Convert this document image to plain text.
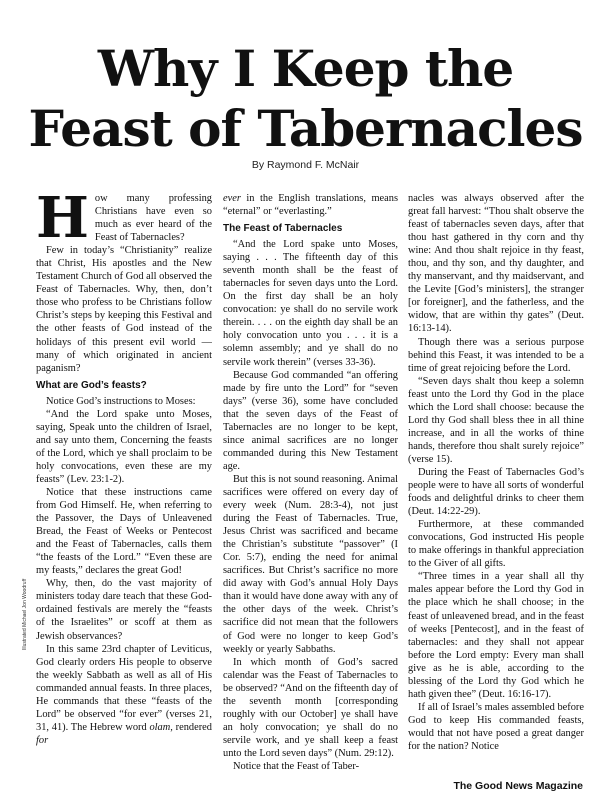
Why I Keep the
Feast of Tabernacles
By Raymond F. McNair

How many professing Christians have even so much as ever heard of the Feast of Tabernacles?

Few in today’s “Christianity” realize that Christ, His apostles and the New Testament Church of God all observed the Feast of Tabernacles. Why, then, don’t those who profess to be Christians follow Christ’s steps by keeping this Festival and the other feasts of God instead of the holidays of this present evil world — many of which originated in ancient paganism?

What are God’s feasts?

Notice God’s instructions to Moses:

“And the Lord spake unto Moses, saying, Speak unto the children of Israel, and say unto them, Concerning the feasts of the Lord, which ye shall proclaim to be holy convocations, even these are my feasts” (Lev. 23:1-2).

Notice that these instructions came from God Himself. He, when referring to the Passover, the Days of Unleavened Bread, the Feast of Weeks or Pentecost and the Feast of Tabernacles, calls them “the feasts of the Lord.” “Even these are my feasts,” declares the great God!

Why, then, do the vast majority of ministers today dare teach that these God-ordained festivals are merely the “feasts of the Israelites” or scoff at them as Jewish observances?

In this same 23rd chapter of Leviticus, God clearly orders His people to observe the weekly Sabbath as well as all of His commanded annual feasts. In three places, He commands that these “feasts of the Lord” be observed “for ever” (verses 21, 31, 41). The Hebrew word olam, rendered for

ever in the English translations, means “eternal” or “everlasting.”

The Feast of Tabernacles

“And the Lord spake unto Moses, saying . . . The fifteenth day of this seventh month shall be the feast of tabernacles for seven days unto the Lord. On the first day shall be an holy convocation: ye shall do no servile work therein. . . . on the eighth day shall be an holy convocation unto you . . . it is a solemn assembly; and ye shall do no servile work therein” (verses 33-36).

Because God commanded “an offering made by fire unto the Lord” for “seven days” (verse 36), some have concluded that the seven days of the Feast of Tabernacles are no longer to be kept, since animal sacrifices are no longer commanded during this New Testament age.

But this is not sound reasoning. Animal sacrifices were offered on every day of every week (Num. 28:3-4), not just during the Feast of Tabernacles. True, Jesus Christ was sacrificed and became the Christian’s substitute “passover” (I Cor. 5:7), ending the need for animal sacrifices. But Christ’s sacrifice no more did away with God’s annual Holy Days than it would have done away with any of the other days of the week. Christ’s sacrifice did not mean that the followers of God were no longer to keep God’s weekly or yearly Sabbaths.

In which month of God’s sacred calendar was the Feast of Tabernacles to be observed? “And on the fifteenth day of the seventh month [corresponding roughly with our October] ye shall have an holy convocation; ye shall do no servile work, and ye shall keep a feast unto the Lord seven days” (Num. 29:12).

Notice that the Feast of Taber-

nacles was always observed after the great fall harvest: “Thou shalt observe the feast of tabernacles seven days, after that thou hast gathered in thy corn and thy wine: And thou shalt rejoice in thy feast, thou, and thy son, and thy daughter, and thy manservant, and thy maidservant, and the Levite [God’s ministers], the stranger [or foreigner], and the fatherless, and the widow, that are within thy gates” (Deut. 16:13-14).

Though there was a serious purpose behind this Feast, it was intended to be a time of great rejoicing before the Lord.

“Seven days shalt thou keep a solemn feast unto the Lord thy God in the place which the Lord shall choose: because the Lord thy God shall bless thee in all thine increase, and in all the works of thine hands, therefore thou shalt surely rejoice” (verse 15).

During the Feast of Tabernacles God’s people were to have all sorts of wonderful foods and delightful drinks to cheer them (Deut. 14:22-29).

Furthermore, at these commanded convocations, God instructed His people to make offerings in thankful appreciation to the Giver of all gifts.

“Three times in a year shall all thy males appear before the Lord thy God in the place which he shall choose; in the feast of unleavened bread, and in the feast of weeks [Pentecost], and in the feast of tabernacles: and they shall not appear before the Lord empty: Every man shall give as he is able, according to the blessing of the Lord thy God which he hath given thee” (Deut. 16:16-17).

If all of Israel’s males assembled before God to keep His commanded feasts, would that not have posed a great danger for the nation? Notice

Illustrated Michael Jon Woodruff
The Good News Magazine
